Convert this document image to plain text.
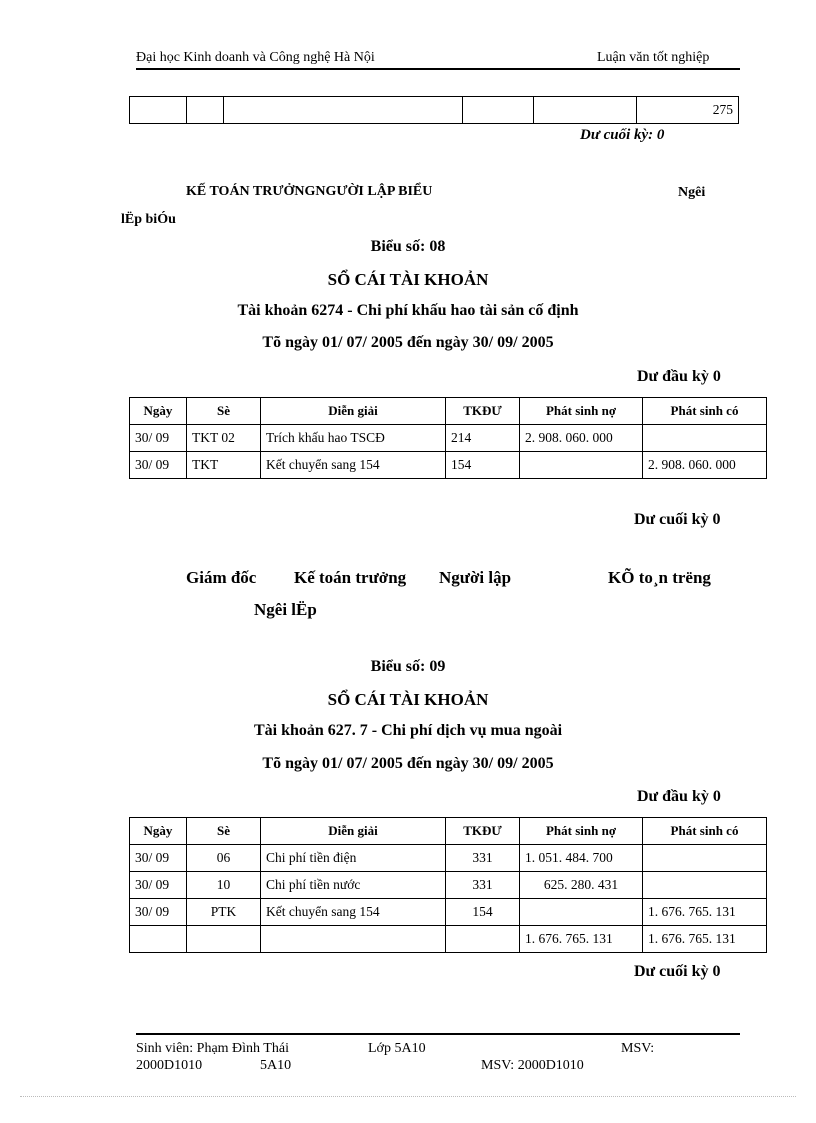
Đại học Kinh doanh và Công nghệ Hà Nội	Luận văn tốt nghiệp
					275
Dư cuối kỳ: 0
KẾ TOÁN TRƯỞNGNGƯỜI LẬP BIỂU	Ngêi
lËp biÓu
Biểu số: 08
SỔ CÁI TÀI KHOẢN
Tài khoản 6274 - Chi phí khấu hao tài sản cố định
Tõ ngày 01/ 07/ 2005 đến ngày 30/ 09/ 2005
Dư đầu kỳ 0
Ngày	Sè	Diễn giải	TKĐƯ	Phát sinh nợ	Phát sinh có
30/ 09	TKT 02	Trích khấu hao TSCĐ	214	2. 908. 060. 000	
30/ 09	TKT	Kết chuyển sang 154	154		2. 908. 060. 000
Dư cuối kỳ 0
Giám đốc Kế toán trưởng Người lập	KÕ to¸n trëng
Ngêi lËp
Biểu số: 09
SỔ CÁI TÀI KHOẢN
Tài khoản 627. 7 - Chi phí dịch vụ mua ngoài
Tõ ngày 01/ 07/ 2005 đến ngày 30/ 09/ 2005
Dư đầu kỳ 0
Ngày	Sè	Diễn giải	TKĐƯ	Phát sinh nợ	Phát sinh có
30/ 09	06	Chi phí tiền điện	331	1. 051. 484. 700	
30/ 09	10	Chi phí tiền nước	331	625. 280. 431	
30/ 09	PTK	Kết chuyển sang 154	154		1. 676. 765. 131
				1. 676. 765. 131	1. 676. 765. 131
Dư cuối kỳ 0
Sinh viên: Phạm Đình Thái	Lớp 5A10	MSV:
2000D1010	5A10	MSV: 2000D1010
